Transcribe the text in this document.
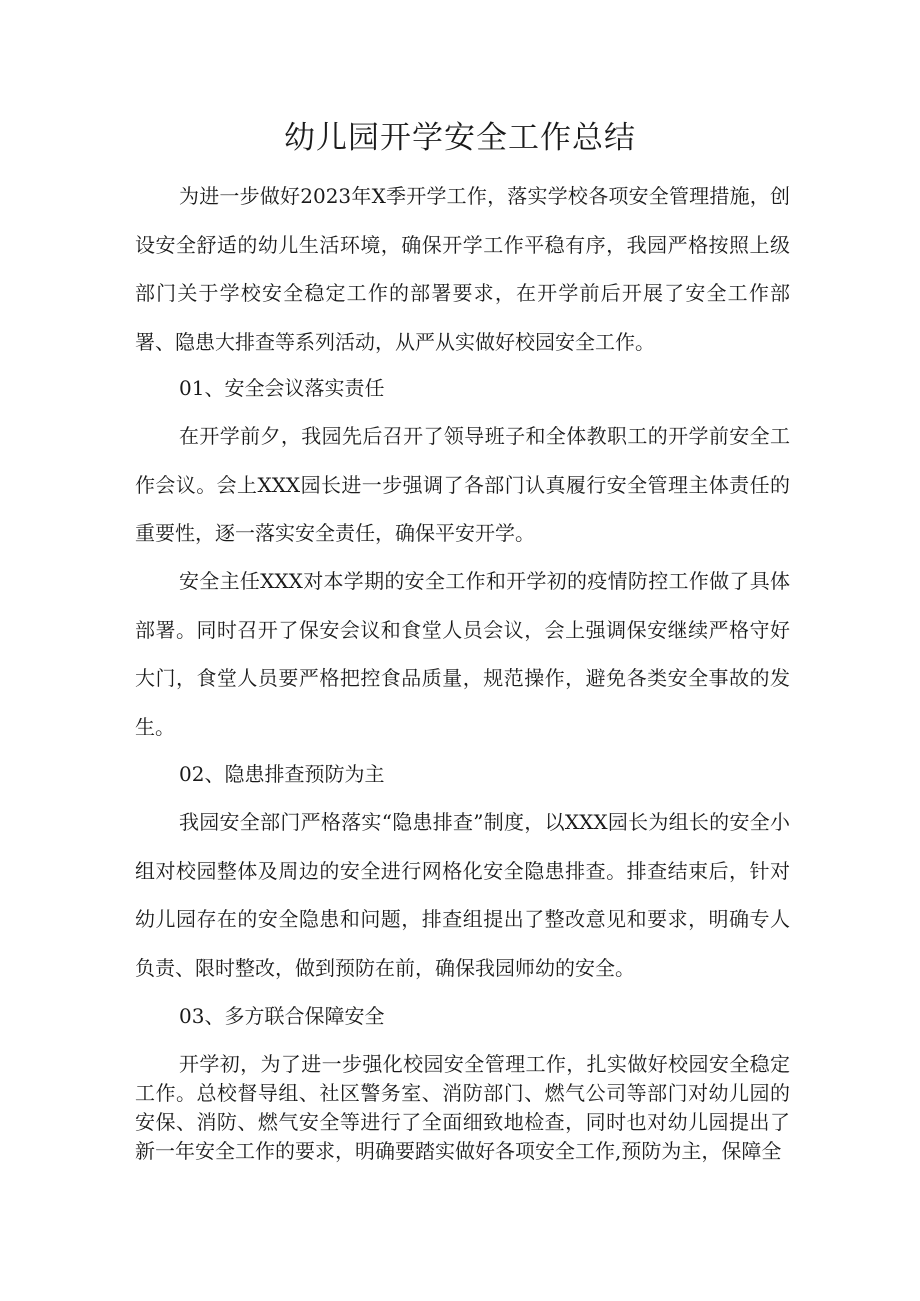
幼儿园开学安全工作总结

为进一步做好2023年X季开学工作，落实学校各项安全管理措施，创设安全舒适的幼儿生活环境，确保开学工作平稳有序，我园严格按照上级部门关于学校安全稳定工作的部署要求，在开学前后开展了安全工作部署、隐患大排查等系列活动，从严从实做好校园安全工作。

01、安全会议落实责任

在开学前夕，我园先后召开了领导班子和全体教职工的开学前安全工作会议。会上XXX园长进一步强调了各部门认真履行安全管理主体责任的重要性，逐一落实安全责任，确保平安开学。

安全主任XXX对本学期的安全工作和开学初的疫情防控工作做了具体部署。同时召开了保安会议和食堂人员会议，会上强调保安继续严格守好大门，食堂人员要严格把控食品质量，规范操作，避免各类安全事故的发生。

02、隐患排查预防为主

我园安全部门严格落实“隐患排查”制度，以XXX园长为组长的安全小组对校园整体及周边的安全进行网格化安全隐患排查。排查结束后，针对幼儿园存在的安全隐患和问题，排查组提出了整改意见和要求，明确专人负责、限时整改，做到预防在前，确保我园师幼的安全。

03、多方联合保障安全

开学初，为了进一步强化校园安全管理工作，扎实做好校园安全稳定工作。总校督导组、社区警务室、消防部门、燃气公司等部门对幼儿园的安保、消防、燃气安全等进行了全面细致地检查，同时也对幼儿园提出了新一年安全工作的要求，明确要踏实做好各项安全工作,预防为主，保障全
